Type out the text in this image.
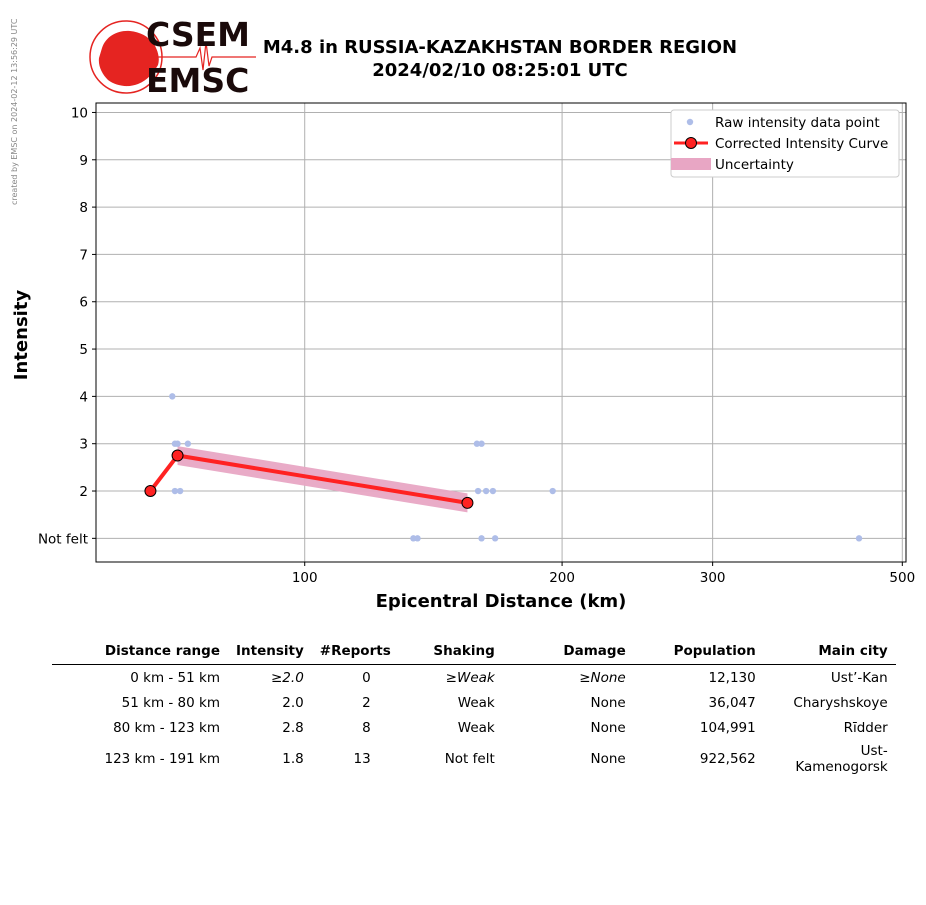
created by EMSC on 2024-02-12 13:56:29 UTC	CSEM
EMSC
M4.8 in RUSSIA-KAZAKHSTAN BORDER REGION
2024/02/10 08:25:01 UTC
Not felt
2
3
4
5
6
7
8
9
10
100	200	300	500
Epicentral Distance (km)
Intensity
Raw intensity data point
Corrected Intensity Curve
Uncertainty
Distance range	Intensity	#Reports	Shaking	Damage	Population	Main city
0 km - 51 km	≥2.0	0	≥Weak	≥None	12,130	Ust’-Kan
51 km - 80 km	2.0	2	Weak	None	36,047	Charyshskoye
80 km - 123 km	2.8	8	Weak	None	104,991	Rīdder
123 km - 191 km	1.8	13	Not felt	None	922,562	Ust-Kamenogorsk
